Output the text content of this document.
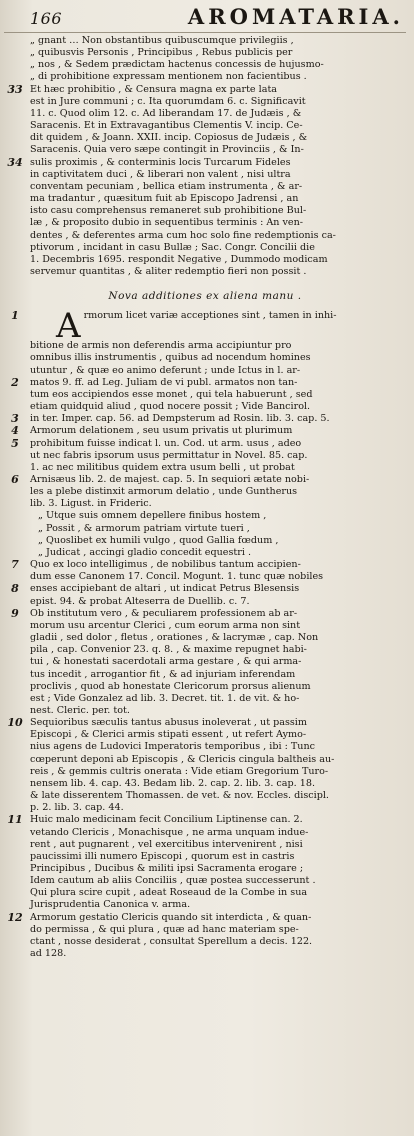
166	AROMATARIA.
„ gnant … Non obstantibus quibuscumque privilegiis ,
„ quibusvis Personis , Principibus , Rebus publicis per
„ nos , & Sedem prædictam hactenus concessis de hujusmo-
„ di prohibitione expressam mentionem non facientibus .
33 Et hæc prohibitio , & Censura magna ex parte lata
est in Jure communi ; c. Ita quorumdam 6. c. Significavit
11. c. Quod olim 12. c. Ad liberandam 17. de Judæis , &
Saracenis. Et in Extravagantibus Clementis V. incip. Ce-
dit quidem , & Joann. XXII. incip. Copiosus de Judæis , &
Saracenis. Quia vero sæpe contingit in Provinciis , & In-
34 sulis proximis , & conterminis locis Turcarum Fideles
in captivitatem duci , & liberari non valent , nisi ultra
conventam pecuniam , bellica etiam instrumenta , & ar-
ma tradantur , quæsitum fuit ab Episcopo Jadrensi , an
isto casu comprehensus remaneret sub prohibitione Bul-
læ , & proposito dubio in sequentibus terminis : An ven-
dentes , & deferentes arma cum hoc solo fine redemptionis ca-
ptivorum , incidant in casu Bullæ ; Sac. Congr. Concilii die
1. Decembris 1695. respondit Negative , Dummodo modicam
servemur quantitas , & aliter redemptio fieri non possit .
Nova additiones ex aliena manu .
1 A rmorum licet variæ acceptiones sint , tamen in inhi-
bitione de armis non deferendis arma accipiuntur pro
omnibus illis instrumentis , quibus ad nocendum homines
utuntur , & quæ eo animo deferunt ; unde Ictus in l. ar-
2	matos 9. ff. ad Leg. Juliam de vi publ. armatos non tan-
tum eos accipiendos esse monet , qui tela habuerunt , sed
etiam quidquid aliud , quod nocere possit ; Vide Bancirol.
3	in ter. Imper. cap. 56. ad Dempsterum ad Rosin. lib. 3. cap. 5.
4	Armorum delationem , seu usum privatis ut plurimum
5	prohibitum fuisse indicat l. un. Cod. ut arm. usus , adeo
ut nec fabris ipsorum usus permittatur in Novel. 85. cap.
1. ac nec militibus quidem extra usum belli , ut probat
6	Arnisæus lib. 2. de majest. cap. 5. In sequiori ætate nobi-
les a plebe distinxit armorum delatio , unde Guntherus
lib. 3. Ligust. in Frideric.
„ Utque suis omnem depellere finibus hostem ,
„ Possit , & armorum patriam virtute tueri ,
„ Quoslibet ex humili vulgo , quod Gallia fœdum ,
„ Judicat , accingi gladio concedit equestri .
7	Quo ex loco intelligimus , de nobilibus tantum accipien-
dum esse Canonem 17. Concil. Mogunt. 1. tunc quæ nobiles
8	enses accipiebant de altari , ut indicat Petrus Blesensis
epist. 94. & probat Alteserra de Duellib. c. 7.
9	Ob institutum vero , & peculiarem professionem ab ar-
morum usu arcentur Clerici , cum eorum arma non sint
gladii , sed dolor , fletus , orationes , & lacrymæ , cap. Non
pila , cap. Convenior 23. q. 8. , & maxime repugnet habi-
tui , & honestati sacerdotali arma gestare , & qui arma-
tus incedit , arrogantior fit , & ad injuriam inferendam
proclivis , quod ab honestate Clericorum prorsus alienum
est ; Vide Gonzalez ad lib. 3. Decret. tit. 1. de vit. & ho-
nest. Cleric. per. tot.
10 Sequioribus sæculis tantus abusus inoleverat , ut passim
Episcopi , & Clerici armis stipati essent , ut refert Aymo-
nius agens de Ludovici Imperatoris temporibus , ibi : Tunc
cœperunt deponi ab Episcopis , & Clericis cingula baltheis au-
reis , & gemmis cultris onerata : Vide etiam Gregorium Turo-
nensem lib. 4. cap. 43. Bedam lib. 2. cap. 2. lib. 3. cap. 18.
& late disserentem Thomassen. de vet. & nov. Eccles. discipl.
p. 2. lib. 3. cap. 44.
11 Huic malo medicinam fecit Concilium Liptinense can. 2.
vetando Clericis , Monachisque , ne arma unquam indue-
rent , aut pugnarent , vel exercitibus intervenirent , nisi
paucissimi illi numero Episcopi , quorum est in castris
Principibus , Ducibus & militi ipsi Sacramenta erogare ;
Idem cautum ab aliis Conciliis , quæ postea successerunt .
Qui plura scire cupit , adeat Roseaud de la Combe in sua
Jurisprudentia Canonica v. arma.
12 Armorum gestatio Clericis quando sit interdicta , & quan-
do permissa , & qui plura , quæ ad hanc materiam spe-
ctant , nosse desiderat , consultat Sperellum a decis. 122.
ad 128.
